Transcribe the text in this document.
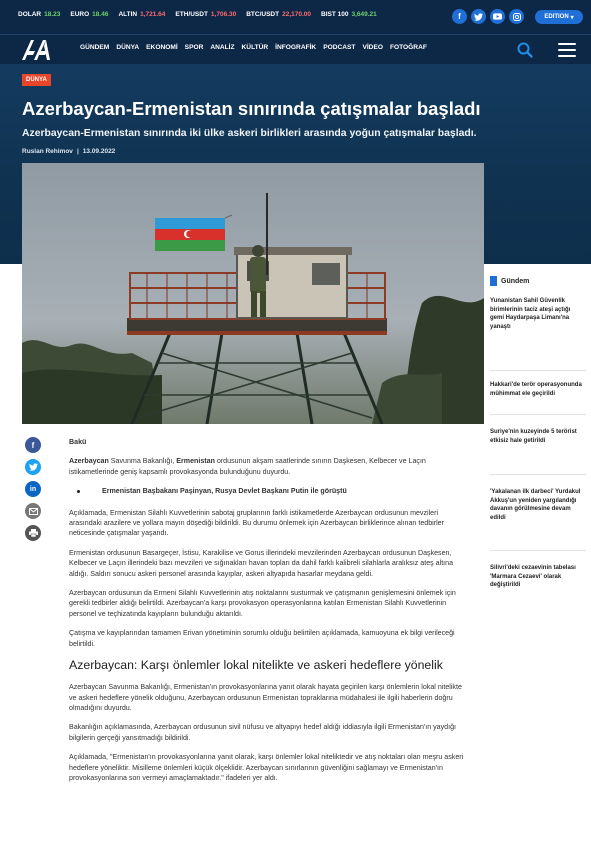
DOLAR 18.23 EURO 18.46 ALTIN 1,721.64 ETH/USDT 1,706.30 BTC/USDT 22,170.00 BIST 100 3,649.21	f	EDITION ▾
GÜNDEM DÜNYA EKONOMİ SPOR ANALİZ KÜLTÜR İNFOGRAFİK PODCAST VİDEO FOTOĞRAF
DÜNYA
Azerbaycan-Ermenistan sınırında çatışmalar başladı
Azerbaycan-Ermenistan sınırında iki ülke askeri birlikleri arasında yoğun çatışmalar başladı.
Ruslan Rehimov | 13.09.2022
f
in

Bakü

Azerbaycan Savunma Bakanlığı, Ermenistan ordusunun akşam saatlerinde sınırın Daşkesen, Kelbecer ve Laçın istikametlerinde geniş kapsamlı provokasyonda bulunduğunu duyurdu.

Ermenistan Başbakanı Paşinyan, Rusya Devlet Başkanı Putin ile görüştü

Açıklamada, Ermenistan Silahlı Kuvvetlerinin sabotaj gruplarının farklı istikametlerde Azerbaycan ordusunun mevzileri arasındaki arazilere ve yollara mayın döşediği bildirildi. Bu durumu önlemek için Azerbaycan birliklerince alınan tedbirler neticesinde çatışmalar yaşandı.

Ermenistan ordusunun Basargeçer, İstisu, Karakilise ve Gorus illerindeki mevzilerinden Azerbaycan ordusunun Daşkesen, Kelbecer ve Laçın illerindeki bazı mevzileri ve sığınakları havan topları da dahil farklı kalibreli silahlarla aralıksız ateş altına aldığı. Saldırı sonucu askeri personel arasında kayıplar, askeri altyapıda hasarlar meydana geldi.

Azerbaycan ordusunun da Ermeni Silahlı Kuvvetlerinin atış noktalarını susturmak ve çatışmanın genişlemesini önlemek için gerekli tedbirler aldığı belirtildi. Azerbaycan'a karşı provokasyon operasyonlarına katılan Ermenistan Silahlı Kuvvetlerinin personel ve teçhizatında kayıpların bulunduğu aktarıldı.

Çatışma ve kayıplarından tamamen Erivan yönetiminin sorumlu olduğu belirtilen açıklamada, kamuoyuna ek bilgi verileceği belirtildi.

Azerbaycan: Karşı önlemler lokal nitelikte ve askeri hedeflere yönelik

Azerbaycan Savunma Bakanlığı, Ermenistan'ın provokasyonlarına yanıt olarak hayata geçirilen karşı önlemlerin lokal nitelikte ve askeri hedeflere yönelik olduğunu, Azerbaycan ordusunun Ermenistan topraklarına müdahalesi ile ilgili haberlerin doğru olmadığını duyurdu.

Bakanlığın açıklamasında, Azerbaycan ordusunun sivil nüfusu ve altyapıyı hedef aldığı iddiasıyla ilgili Ermenistan'ın yaydığı bilgilerin gerçeği yansıtmadığı bildirildi.

Açıklamada, "Ermenistan'ın provokasyonlarına yanıt olarak, karşı önlemler lokal niteliktedir ve atış noktaları olan meşru askeri hedeflere yöneliktir. Misilleme önlemleri küçük ölçeklidir. Azerbaycan sınırlarının güvenliğini sağlamayı ve Ermenistan'ın provokasyonlarına son vermeyi amaçlamaktadır." ifadeleri yer aldı.

Gündem
Yunanistan Sahil Güvenlik birimlerinin taciz ateşi açtığı gemi Haydarpaşa Limanı'na yanaştı
Hakkari'de terör operasyonunda mühimmat ele geçirildi
Suriye'nin kuzeyinde 5 terörist etkisiz hale getirildi
'Yakalanan ilk darbeci' Yurdakul Akkuş'un yeniden yargılandığı davanın görülmesine devam edildi
Silivri'deki cezaevinin tabelası 'Marmara Cezaevi' olarak değiştirildi
